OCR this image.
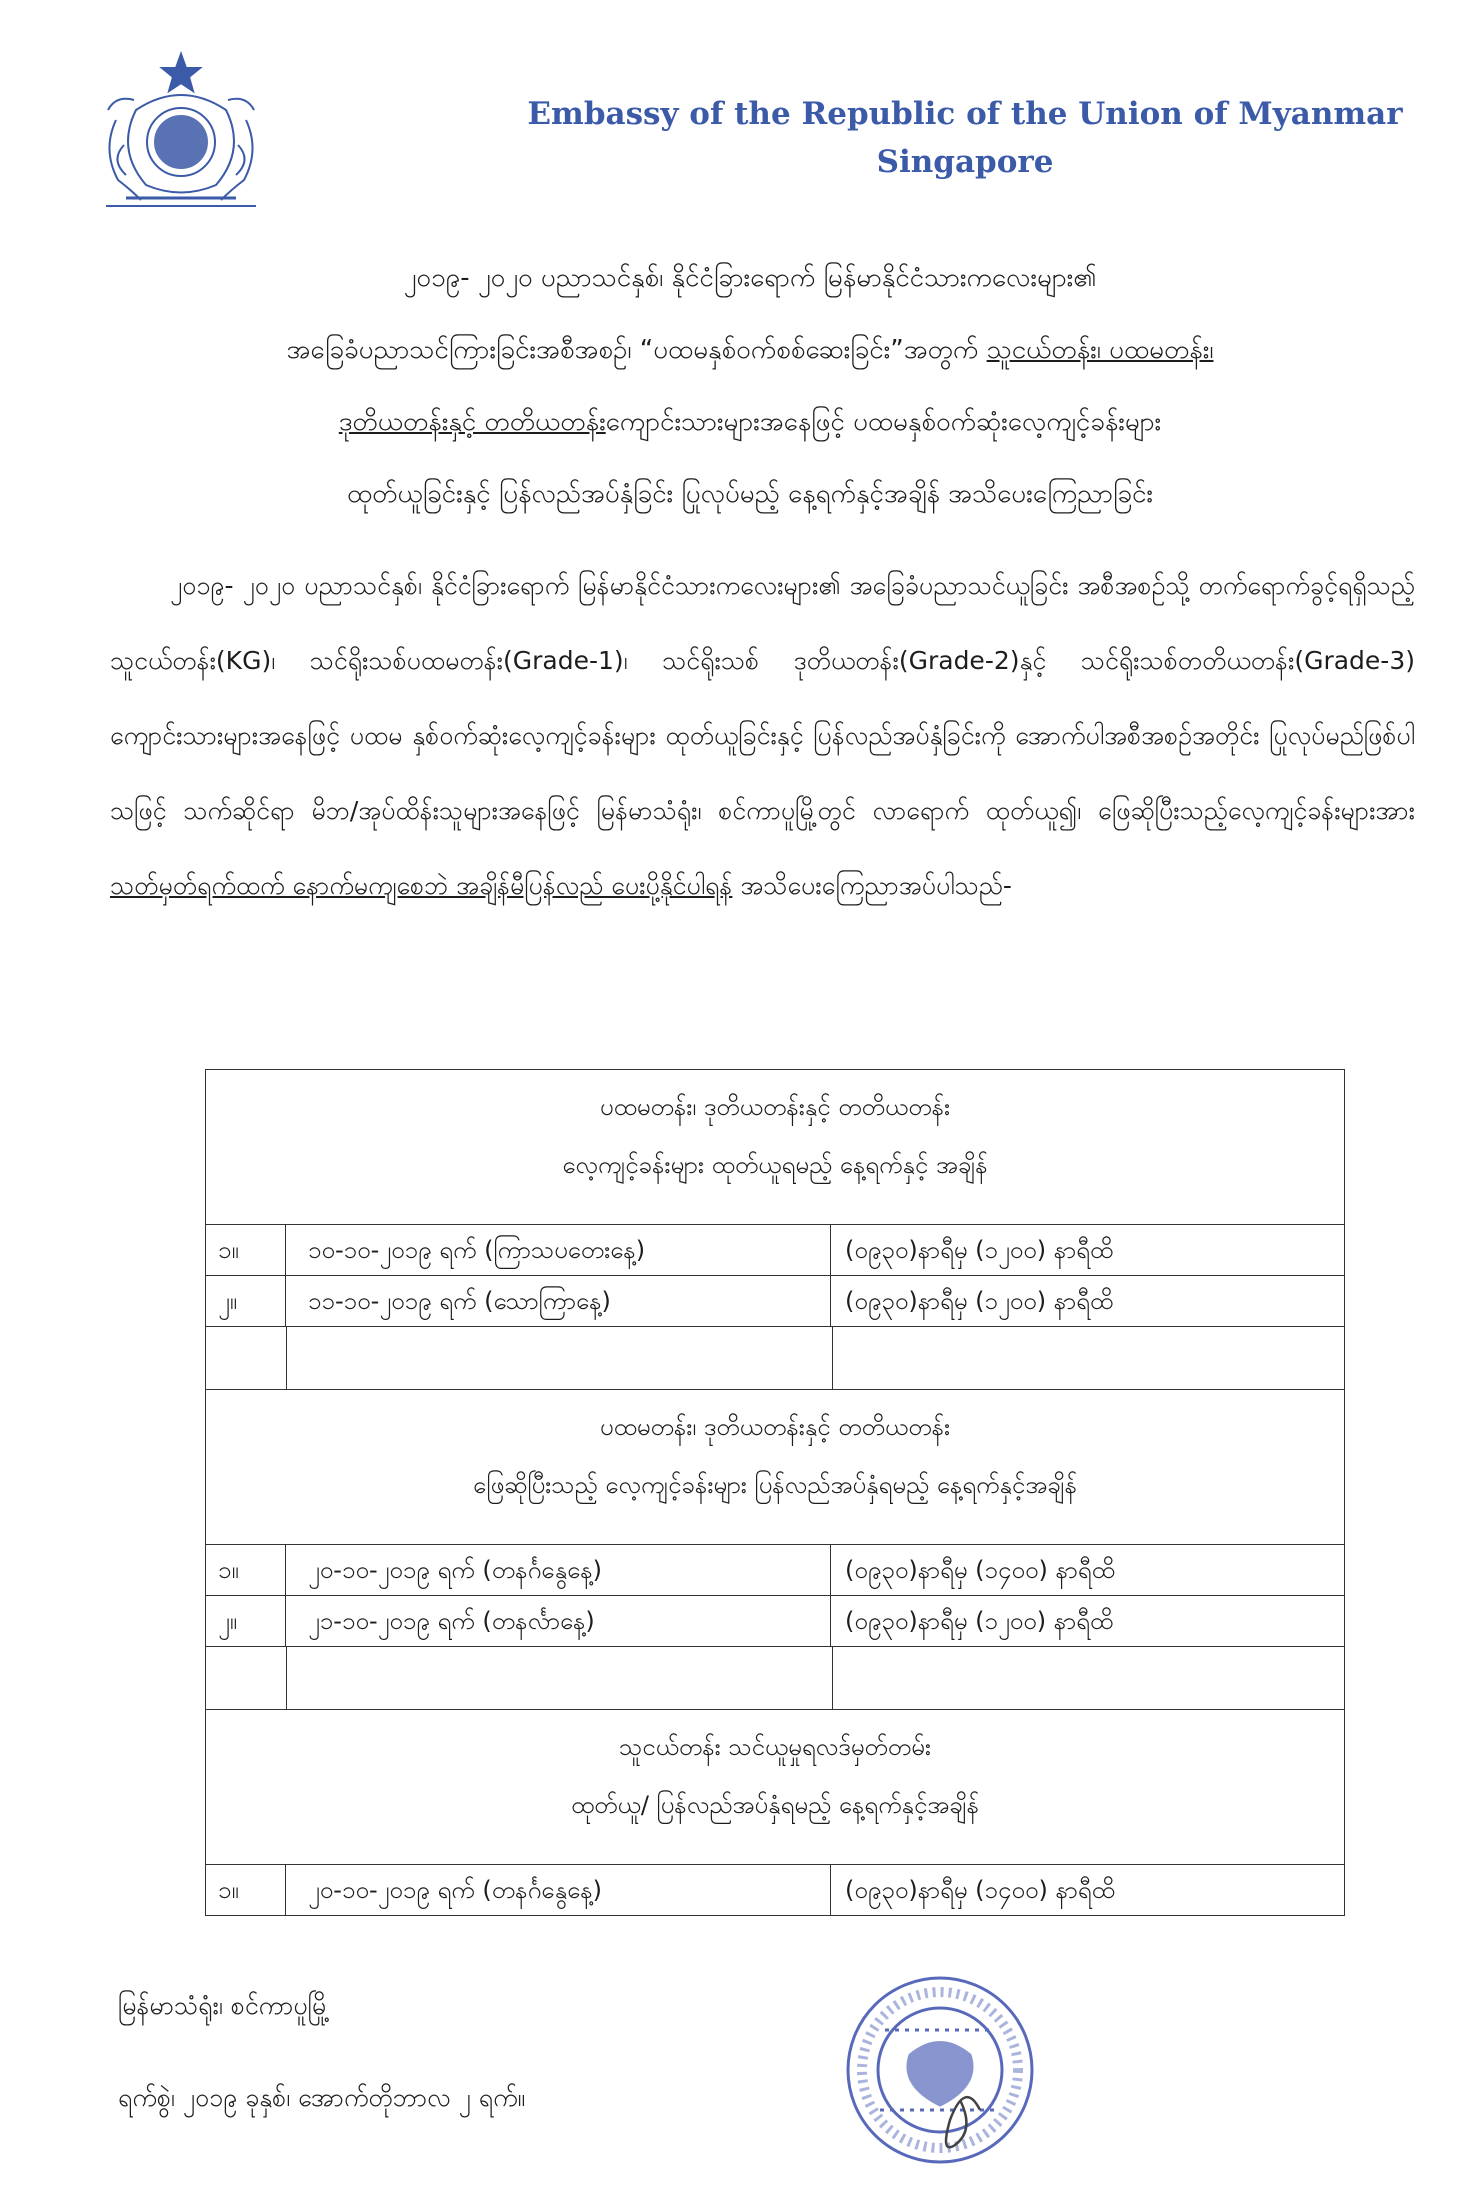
Embassy of the Republic of the Union of Myanmar
Singapore
၂၀၁၉- ၂၀၂၀ ပညာသင်နှစ်၊ နိုင်ငံခြားရောက် မြန်မာနိုင်ငံသားကလေးများ၏
အခြေခံပညာသင်ကြားခြင်းအစီအစဉ်၊ “ပထမနှစ်ဝက်စစ်ဆေးခြင်း”အတွက် သူငယ်တန်း၊ ပထမတန်း၊
ဒုတိယတန်းနှင့် တတိယတန်းကျောင်းသားများအနေဖြင့် ပထမနှစ်ဝက်ဆုံးလေ့ကျင့်ခန်းများ
ထုတ်ယူခြင်းနှင့် ပြန်လည်အပ်နှံခြင်း ပြုလုပ်မည့် နေ့ရက်နှင့်အချိန် အသိပေးကြေညာခြင်း
၂၀၁၉- ၂၀၂၀ ပညာသင်နှစ်၊ နိုင်ငံခြားရောက် မြန်မာနိုင်ငံသားကလေးများ၏ အခြေခံပညာသင်ယူခြင်း အစီအစဉ်သို့ တက်ရောက်ခွင့်ရရှိသည့် သူငယ်တန်း(KG)၊ သင်ရိုးသစ်ပထမတန်း(Grade-1)၊ သင်ရိုးသစ် ဒုတိယတန်း(Grade-2)နှင့် သင်ရိုးသစ်တတိယတန်း(Grade-3) ကျောင်းသားများအနေဖြင့် ပထမ နှစ်ဝက်ဆုံးလေ့ကျင့်ခန်းများ ထုတ်ယူခြင်းနှင့် ပြန်လည်အပ်နှံခြင်းကို အောက်ပါအစီအစဉ်အတိုင်း ပြုလုပ်မည်ဖြစ်ပါသဖြင့် သက်ဆိုင်ရာ မိဘ/အုပ်ထိန်းသူများအနေဖြင့် မြန်မာသံရုံး၊ စင်ကာပူမြို့တွင် လာရောက် ထုတ်ယူ၍၊ ဖြေဆိုပြီးသည့်လေ့ကျင့်ခန်းများအား သတ်မှတ်ရက်ထက် နောက်မကျစေဘဲ အချိန်မီပြန်လည် ပေးပို့နိုင်ပါရန် အသိပေးကြေညာအပ်ပါသည်-
ပထမတန်း၊ ဒုတိယတန်းနှင့် တတိယတန်း
လေ့ကျင့်ခန်းများ ထုတ်ယူရမည့် နေ့ရက်နှင့် အချိန်
၁။	၁၀-၁၀-၂၀၁၉ ရက် (ကြာသပတေးနေ့)	(၀၉၃၀)နာရီမှ (၁၂၀၀) နာရီထိ
၂။	၁၁-၁၀-၂၀၁၉ ရက် (သောကြာနေ့)	(၀၉၃၀)နာရီမှ (၁၂၀၀) နာရီထိ
ပထမတန်း၊ ဒုတိယတန်းနှင့် တတိယတန်း
ဖြေဆိုပြီးသည့် လေ့ကျင့်ခန်းများ ပြန်လည်အပ်နှံရမည့် နေ့ရက်နှင့်အချိန်
၁။	၂၀-၁၀-၂၀၁၉ ရက် (တနင်္ဂနွေနေ့)	(၀၉၃၀)နာရီမှ (၁၄၀၀) နာရီထိ
၂။	၂၁-၁၀-၂၀၁၉ ရက် (တနင်္လာနေ့)	(၀၉၃၀)နာရီမှ (၁၂၀၀) နာရီထိ
သူငယ်တန်း သင်ယူမှုရလဒ်မှတ်တမ်း
ထုတ်ယူ/ ပြန်လည်အပ်နှံရမည့် နေ့ရက်နှင့်အချိန်
၁။	၂၀-၁၀-၂၀၁၉ ရက် (တနင်္ဂနွေနေ့)	(၀၉၃၀)နာရီမှ (၁၄၀၀) နာရီထိ
မြန်မာသံရုံး၊ စင်ကာပူမြို့
ရက်စွဲ၊ ၂၀၁၉ ခုနှစ်၊ အောက်တိုဘာလ ၂ ရက်။
